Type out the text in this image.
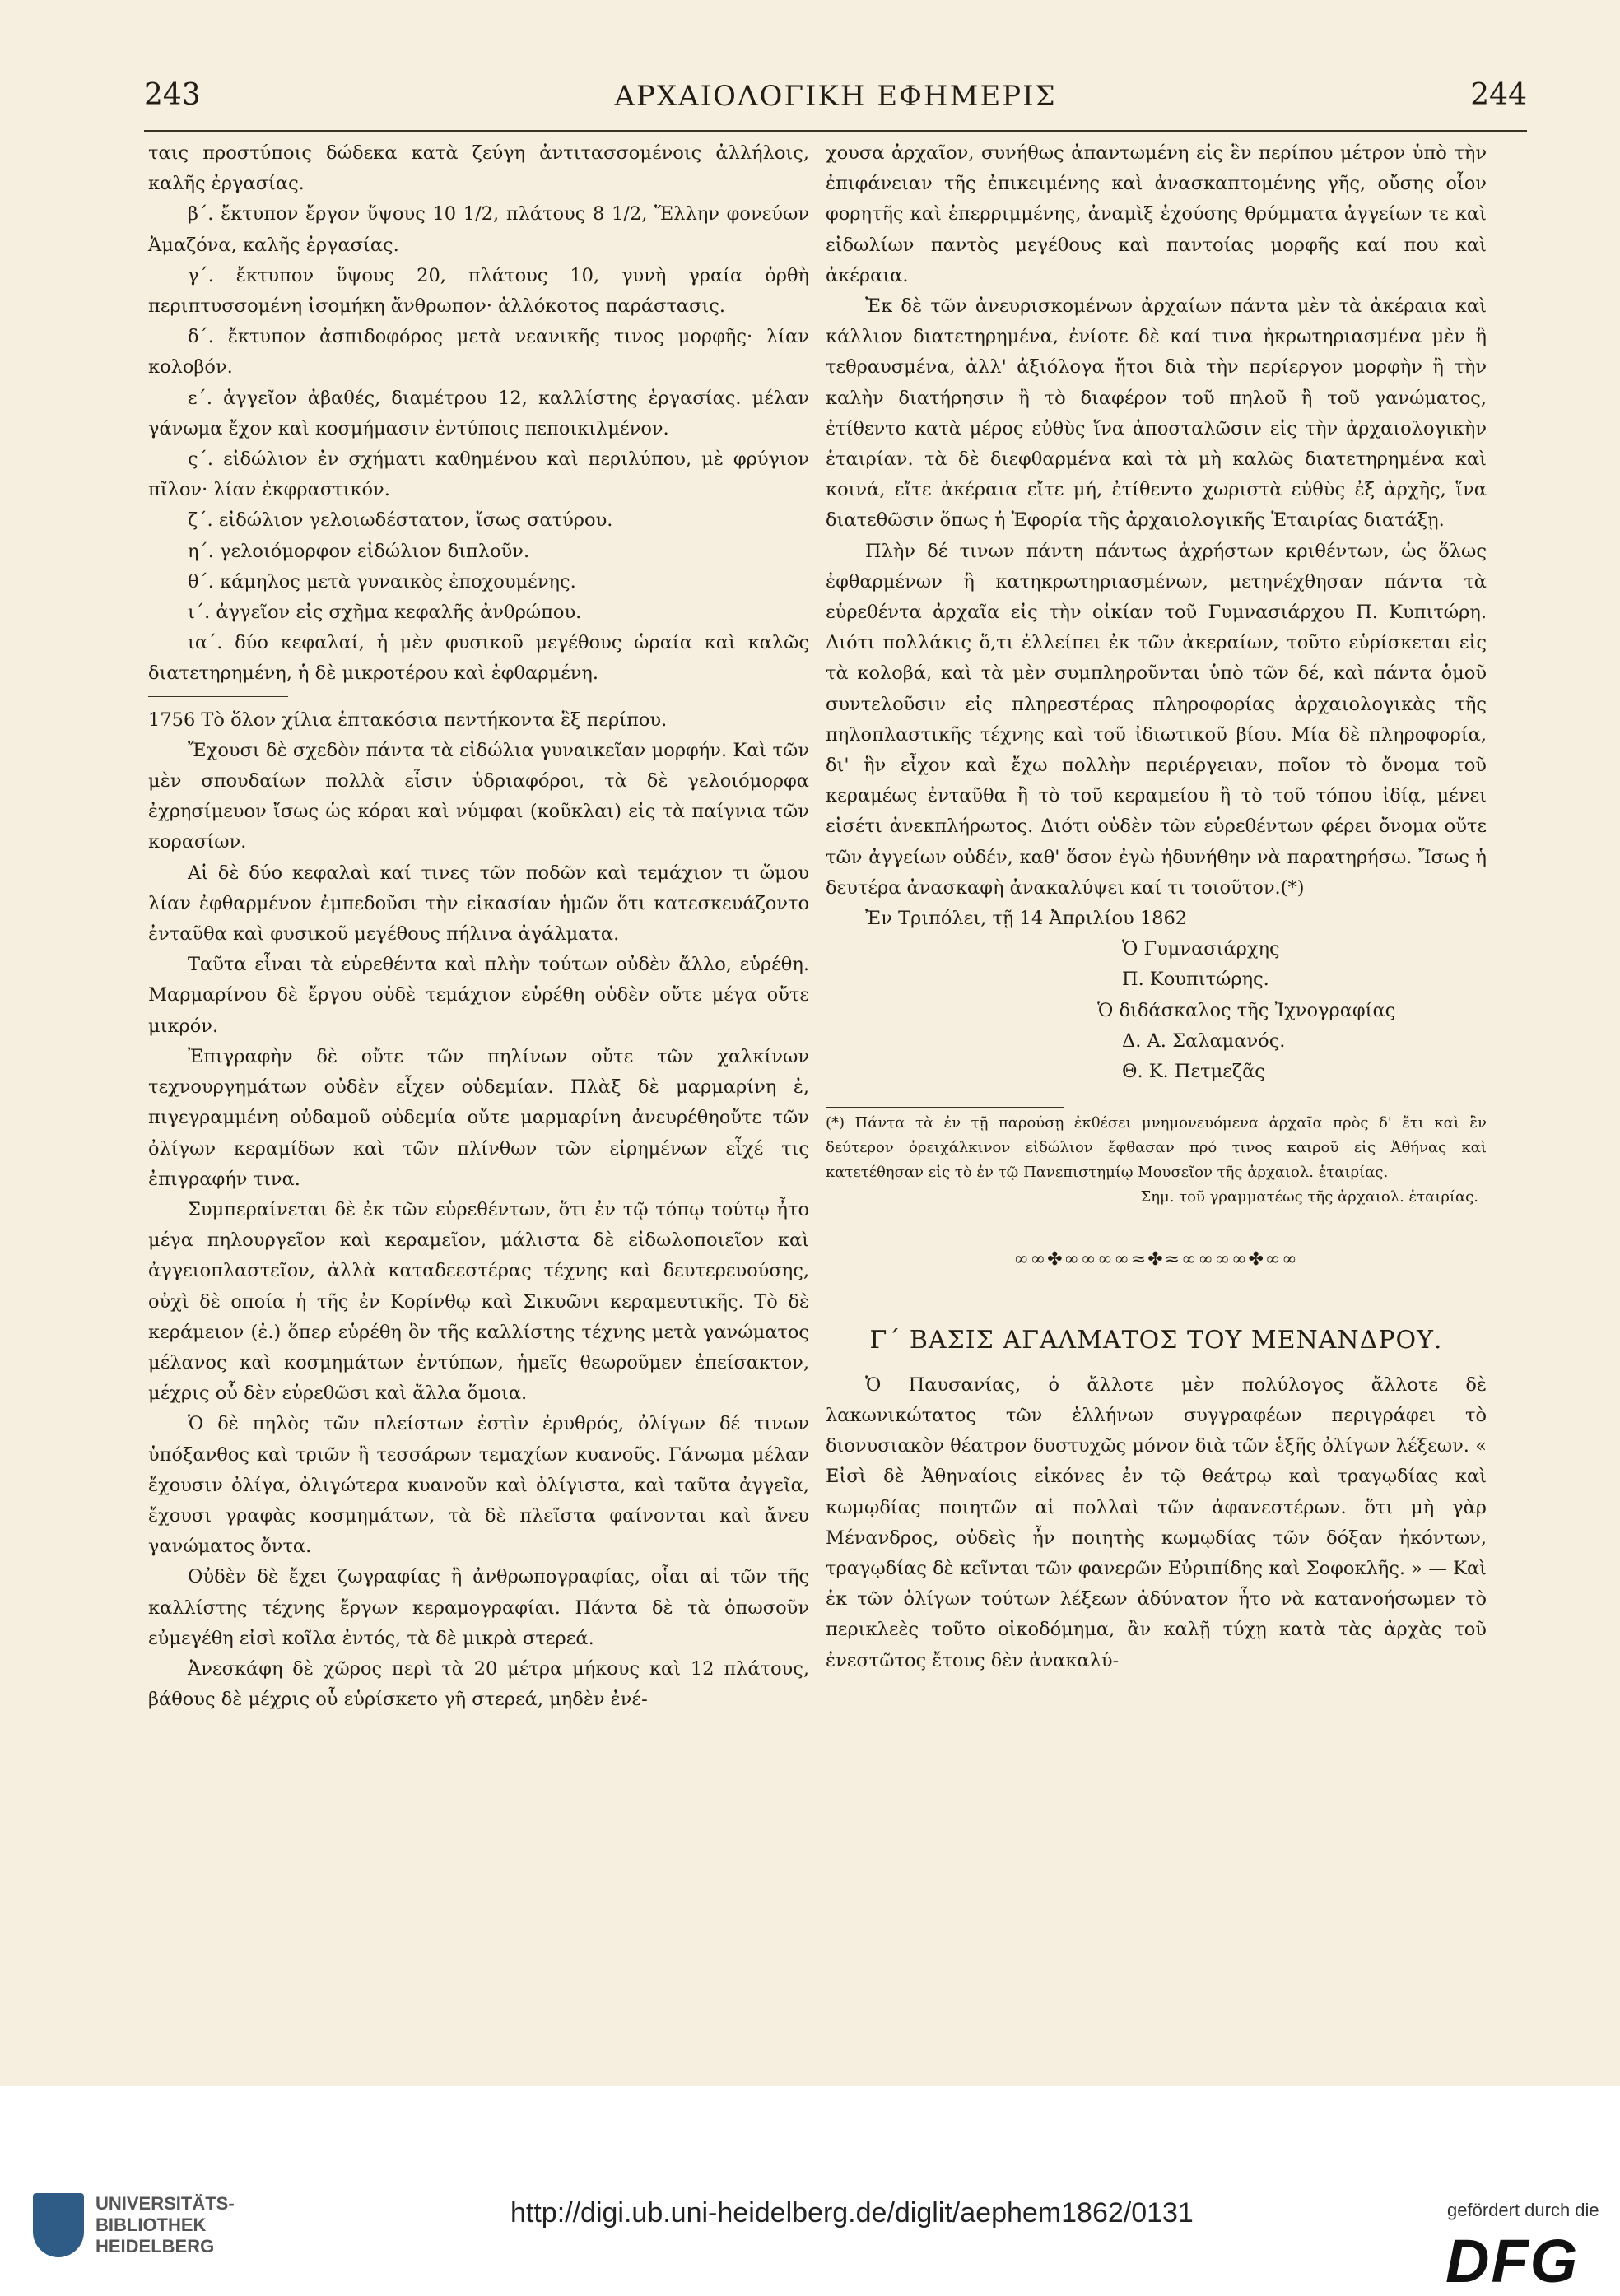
243	ΑΡΧΑΙΟΛΟΓΙΚΗ ΕΦΗΜΕΡΙΣ	244

ταις προστύποις δώδεκα κατὰ ζεύγη ἀντιτασσομένοις ἀλλήλοις, καλῆς ἐργασίας.

β΄. ἔκτυπον ἔργον ὕψους 10 1/2, πλάτους 8 1/2, Ἕλλην φονεύων Ἀμαζόνα, καλῆς ἐργασίας.

γ΄. ἔκτυπον ὕψους 20, πλάτους 10, γυνὴ γραία ὀρθὴ περιπτυσσομένη ἰσομήκη ἄνθρωπον· ἀλλόκοτος παράστασις.

δ΄. ἔκτυπον ἀσπιδοφόρος μετὰ νεανικῆς τινος μορφῆς· λίαν κολοβόν.

ε΄. ἀγγεῖον ἀβαθές, διαμέτρου 12, καλλίστης ἐργασίας. μέλαν γάνωμα ἔχον καὶ κοσμήμασιν ἐντύποις πεποικιλμένον.

ς΄. εἰδώλιον ἐν σχήματι καθημένου καὶ περιλύπου, μὲ φρύγιον πῖλον· λίαν ἐκφραστικόν.

ζ΄. εἰδώλιον γελοιωδέστατον, ἴσως σατύρου.

η΄. γελοιόμορφον εἰδώλιον διπλοῦν.

θ΄. κάμηλος μετὰ γυναικὸς ἐποχουμένης.

ι΄. ἀγγεῖον εἰς σχῆμα κεφαλῆς ἀνθρώπου.

ια΄. δύο κεφαλαί, ἡ μὲν φυσικοῦ μεγέθους ὡραία καὶ καλῶς διατετηρημένη, ἡ δὲ μικροτέρου καὶ ἐφθαρμένη.

1756 Τὸ ὅλον χίλια ἑπτακόσια πεντήκοντα ἓξ περίπου.

Ἔχουσι δὲ σχεδὸν πάντα τὰ εἰδώλια γυναικεῖαν μορφήν. Καὶ τῶν μὲν σπουδαίων πολλὰ εἶσιν ὑδριαφόροι, τὰ δὲ γελοιόμορφα ἐχρησίμευον ἴσως ὡς κόραι καὶ νύμφαι (κοῦκλαι) εἰς τὰ παίγνια τῶν κορασίων.

Αἱ δὲ δύο κεφαλαὶ καί τινες τῶν ποδῶν καὶ τεμάχιον τι ὤμου λίαν ἐφθαρμένον ἐμπεδοῦσι τὴν εἰκασίαν ἡμῶν ὅτι κατεσκευάζοντο ἐνταῦθα καὶ φυσικοῦ μεγέθους πήλινα ἀγάλματα.

Ταῦτα εἶναι τὰ εὑρεθέντα καὶ πλὴν τούτων οὐδὲν ἄλλο, εὑρέθη. Μαρμαρίνου δὲ ἔργου οὐδὲ τεμάχιον εὑρέθη οὐδὲν οὔτε μέγα οὔτε μικρόν.

Ἐπιγραφὴν δὲ οὔτε τῶν πηλίνων οὔτε τῶν χαλκίνων τεχνουργημάτων οὐδὲν εἶχεν οὐδεμίαν. Πλὰξ δὲ μαρμαρίνη ἐ, πιγεγραμμένη οὐδαμοῦ οὐδεμία οὔτε μαρμαρίνη ἀνευρέθηοὔτε τῶν ὀλίγων κεραμίδων καὶ τῶν πλίνθων τῶν εἰρημένων εἶχέ τις ἐπιγραφήν τινα.

Συμπεραίνεται δὲ ἐκ τῶν εὑρεθέντων, ὅτι ἐν τῷ τόπῳ τούτῳ ἦτο μέγα πηλουργεῖον καὶ κεραμεῖον, μάλιστα δὲ εἰδωλοποιεῖον καὶ ἀγγειοπλαστεῖον, ἀλλὰ καταδεεστέρας τέχνης καὶ δευτερευούσης, οὐχὶ δὲ οποία ἡ τῆς ἐν Κορίνθῳ καὶ Σικυῶνι κεραμευτικῆς. Τὸ δὲ κεράμειον (ἐ.) ὅπερ εὑρέθη ὃν τῆς καλλίστης τέχνης μετὰ γανώματος μέλανος καὶ κοσμημάτων ἐντύπων, ἡμεῖς θεωροῦμεν ἐπείσακτον, μέχρις οὗ δὲν εὑρεθῶσι καὶ ἄλλα ὅμοια.

Ὁ δὲ πηλὸς τῶν πλείστων ἐστὶν ἐρυθρός, ὀλίγων δέ τινων ὑπόξανθος καὶ τριῶν ἢ τεσσάρων τεμαχίων κυανοῦς. Γάνωμα μέλαν ἔχουσιν ὀλίγα, ὀλιγώτερα κυανοῦν καὶ ὀλίγιστα, καὶ ταῦτα ἀγγεῖα, ἔχουσι γραφὰς κοσμημάτων, τὰ δὲ πλεῖστα φαίνονται καὶ ἄνευ γανώματος ὄντα.

Οὐδὲν δὲ ἔχει ζωγραφίας ἢ ἀνθρωπογραφίας, οἷαι αἱ τῶν τῆς καλλίστης τέχνης ἔργων κεραμογραφίαι. Πάντα δὲ τὰ ὁπωσοῦν εὐμεγέθη εἰσὶ κοῖλα ἐντός, τὰ δὲ μικρὰ στερεά.

Ἀνεσκάφη δὲ χῶρος περὶ τὰ 20 μέτρα μήκους καὶ 12 πλάτους, βάθους δὲ μέχρις οὗ εὑρίσκετο γῆ στερεά, μηδὲν ἐνέ-

χουσα ἀρχαῖον, συνήθως ἀπαντωμένη εἰς ἓν περίπου μέτρον ὑπὸ τὴν ἐπιφάνειαν τῆς ἐπικειμένης καὶ ἀνασκαπτομένης γῆς, οὔσης οἷον φορητῆς καὶ ἐπερριμμένης, ἀναμὶξ ἐχούσης θρύμματα ἀγγείων τε καὶ εἰδωλίων παντὸς μεγέθους καὶ παντοίας μορφῆς καί που καὶ ἀκέραια.

Ἐκ δὲ τῶν ἀνευρισκομένων ἀρχαίων πάντα μὲν τὰ ἀκέραια καὶ κάλλιον διατετηρημένα, ἐνίοτε δὲ καί τινα ἠκρωτηριασμένα μὲν ἢ τεθραυσμένα, ἀλλ' ἀξιόλογα ἤτοι διὰ τὴν περίεργον μορφὴν ἢ τὴν καλὴν διατήρησιν ἢ τὸ διαφέρον τοῦ πηλοῦ ἢ τοῦ γανώματος, ἐτίθεντο κατὰ μέρος εὐθὺς ἵνα ἀποσταλῶσιν εἰς τὴν ἀρχαιολογικὴν ἑταιρίαν. τὰ δὲ διεφθαρμένα καὶ τὰ μὴ καλῶς διατετηρημένα καὶ κοινά, εἴτε ἀκέραια εἴτε μή, ἐτίθεντο χωριστὰ εὐθὺς ἐξ ἀρχῆς, ἵνα διατεθῶσιν ὅπως ἡ Ἐφορία τῆς ἀρχαιολογικῆς Ἑταιρίας διατάξῃ.

Πλὴν δέ τινων πάντη πάντως ἀχρήστων κριθέντων, ὡς ὅλως ἐφθαρμένων ἢ κατηκρωτηριασμένων, μετηνέχθησαν πάντα τὰ εὑρεθέντα ἀρχαῖα εἰς τὴν οἰκίαν τοῦ Γυμνασιάρχου Π. Κυπιτώρη. Διότι πολλάκις ὅ,τι ἐλλείπει ἐκ τῶν ἀκεραίων, τοῦτο εὑρίσκεται εἰς τὰ κολοβά, καὶ τὰ μὲν συμπληροῦνται ὑπὸ τῶν δέ, καὶ πάντα ὁμοῦ συντελοῦσιν εἰς πληρεστέρας πληροφορίας ἀρχαιολογικὰς τῆς πηλοπλαστικῆς τέχνης καὶ τοῦ ἰδιωτικοῦ βίου. Μία δὲ πληροφορία, δι' ἣν εἶχον καὶ ἔχω πολλὴν περιέργειαν, ποῖον τὸ ὄνομα τοῦ κεραμέως ἐνταῦθα ἢ τὸ τοῦ κεραμείου ἢ τὸ τοῦ τόπου ἰδίᾳ, μένει εἰσέτι ἀνεκπλήρωτος. Διότι οὐδὲν τῶν εὑρεθέντων φέρει ὄνομα οὔτε τῶν ἀγγείων οὐδέν, καθ' ὅσον ἐγὼ ἠδυνήθην νὰ παρατηρήσω. Ἴσως ἡ δευτέρα ἀνασκαφὴ ἀνακαλύψει καί τι τοιοῦτον.(*)

Ἐν Τριπόλει, τῇ 14 Ἀπριλίου 1862

Ὁ Γυμνασιάρχης

Π. Κουπιτώρης.

Ὁ διδάσκαλος τῆς Ἰχνογραφίας

Δ. Α. Σαλαμανός.

Θ. Κ. Πετμεζᾶς

(*) Πάντα τὰ ἐν τῇ παρούσῃ ἐκθέσει μνημονευόμενα ἀρχαῖα πρὸς δ' ἔτι καὶ ἓν δεύτερον ὀρειχάλκινον εἰδώλιον ἔφθασαν πρό τινος καιροῦ εἰς Ἀθήνας καὶ κατετέθησαν εἰς τὸ ἐν τῷ Πανεπιστημίῳ Μουσεῖον τῆς ἀρχαιολ. ἑταιρίας.

Σημ. τοῦ γραμματέως τῆς ἀρχαιολ. ἑταιρίας.

∞∞✤∞∞∞∞≈✤≈∞∞∞∞✤∞∞
Γ΄ ΒΑΣΙΣ ΑΓΑΛΜΑΤΟΣ ΤΟΥ ΜΕΝΑΝΔΡΟΥ.

Ὁ Παυσανίας, ὁ ἄλλοτε μὲν πολύλογος ἄλλοτε δὲ λακωνικώτατος τῶν ἑλλήνων συγγραφέων περιγράφει τὸ διονυσιακὸν θέατρον δυστυχῶς μόνον διὰ τῶν ἑξῆς ὀλίγων λέξεων. « Εἰσὶ δὲ Ἀθηναίοις εἰκόνες ἐν τῷ θεάτρῳ καὶ τραγῳδίας καὶ κωμῳδίας ποιητῶν αἱ πολλαὶ τῶν ἀφανεστέρων. ὅτι μὴ γὰρ Μένανδρος, οὐδεὶς ἦν ποιητὴς κωμῳδίας τῶν δόξαν ἠκόντων, τραγῳδίας δὲ κεῖνται τῶν φανερῶν Εὐριπίδης καὶ Σοφοκλῆς. » — Καὶ ἐκ τῶν ὀλίγων τούτων λέξεων ἀδύνατον ἦτο νὰ κατανοήσωμεν τὸ περικλεὲς τοῦτο οἰκοδόμημα, ἂν καλῇ τύχῃ κατὰ τὰς ἀρχὰς τοῦ ἐνεστῶτος ἔτους δὲν ἀνακαλύ-

UNIVERSITÄTS-
BIBLIOTHEK
HEIDELBERG
http://digi.ub.uni-heidelberg.de/diglit/aephem1862/0131	gefördert durch die
DFG
